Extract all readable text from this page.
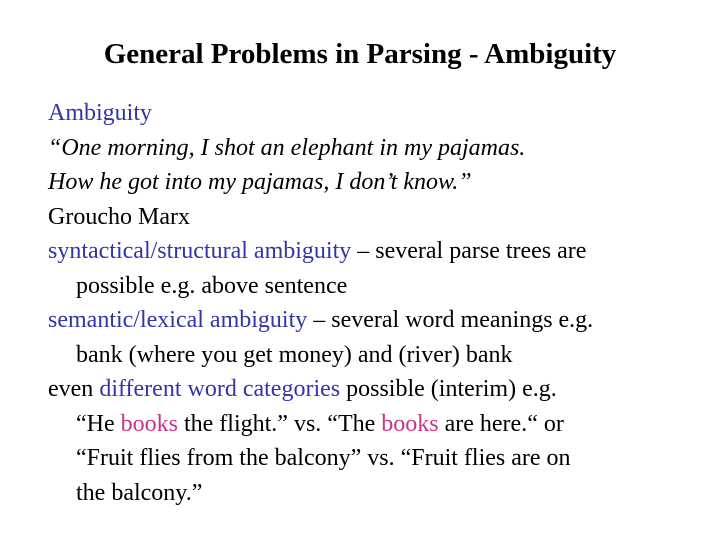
General Problems in Parsing - Ambiguity
Ambiguity
“One morning, I shot an elephant in my pajamas.
How he got into my pajamas, I don’t know.”
Groucho Marx
syntactical/structural ambiguity – several parse trees are
possible e.g. above sentence
semantic/lexical ambiguity – several word meanings e.g.
bank (where you get money) and (river) bank
even different word categories possible (interim) e.g.
“He books the flight.” vs. “The books are here.“ or
“Fruit flies from the balcony” vs. “Fruit flies are on
the balcony.”
